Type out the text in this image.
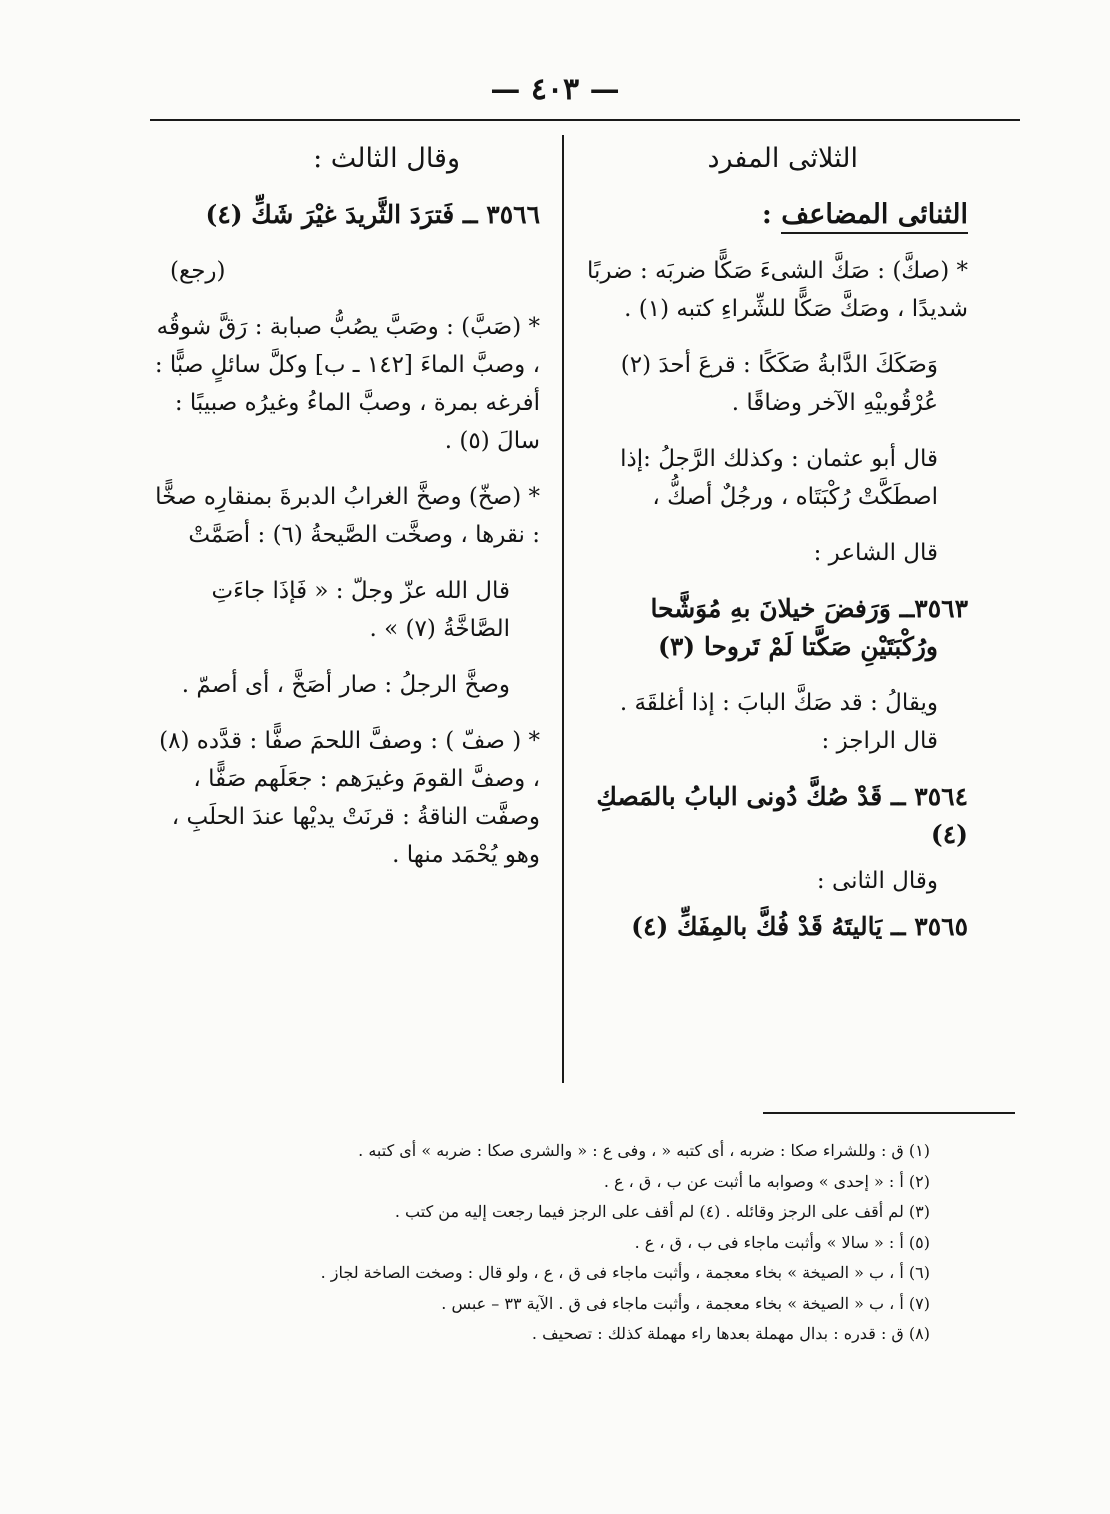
— ٤٠٣ —

الثلاثى المفرد

الثنائى المضاعف :

* (صكَّ) : صَكَّ الشىءَ صَكًّا ضربَه : ضربًا شديدًا ، وصَكَّ صَكًّا للشِّراءِ كتبه (١) .

وَصَكَكَ الدَّابةُ صَكَكًا : قرعَ أحدَ (٢) عُرْقُوبيْهِ الآخر وضاقًا .

قال أبو عثمان : وكذلك الرَّجلُ :إذا اصطَكَّتْ رُكْبَتَاه ، ورجُلٌ أصكُّ ،

قال الشاعر :

٣٥٦٣ــ وَرَفضَ خيلانَ بهِ مُوَشَّحا

ورُكْبَتَيْنِ صَكَّتا لَمْ تَروحا (٣)

ويقالُ : قد صَكَّ البابَ : إذا أغلقَهَ . قال الراجز :

٣٥٦٤ ــ قَدْ صُكَّ دُونى البابُ بالمَصكِ (٤)

وقال الثانى :

٣٥٦٥ ــ يَاليتَهُ قَدْ فُكَّ بالمِفَكِّ (٤)

وقال الثالث :

٣٥٦٦ ــ فَترَدَ الثَّريدَ غيْرَ شَكِّ (٤)

(رجع)

* (صَبَّ) : وصَبَّ يصُبُّ صبابة : رَقَّ شوقُه ، وصبَّ الماءَ [١٤٢ ـ ب] وكلَّ سائلٍ صبًّا : أفرغه بمرة ، وصبَّ الماءُ وغيرُه صبيبًا : سالَ (٥) .

* (صخّ) وصخَّ الغرابُ الدبرةَ بمنقارِه صخًّا : نقرها ، وصخَّت الصَّيحةُ (٦) : أصَمَّتْ

قال الله عزّ وجلّ : « فَإذَا جاءَتِ الصَّاخَّةُ (٧) » .

وصخَّ الرجلُ : صار أصَخَّ ، أى أصمّ .

* ( صفّ ) : وصفَّ اللحمَ صفًّا : قدَّده (٨) ، وصفَّ القومَ وغيرَهم : جعَلَهم صَفًّا ، وصفَّت الناقةُ : قرنَتْ يديْها عندَ الحلَبِ ، وهو يُحْمَد منها .

(١) ق : وللشراء صكا : ضربه ، أى كتبه « ، وفى ع : « والشرى صكا : ضربه » أى كتبه .
(٢) أ : « إحدى » وصوابه ما أثبت عن ب ، ق ، ع .
(٣) لم أقف على الرجز وقائله . (٤) لم أقف على الرجز فيما رجعت إليه من كتب .
(٥) أ : « سالا » وأثبت ماجاء فى ب ، ق ، ع .
(٦) أ ، ب « الصيخة » بخاء معجمة ، وأثبت ماجاء فى ق ، ع ، ولو قال : وصخت الصاخة لجاز .
(٧) أ ، ب « الصيخة » بخاء معجمة ، وأثبت ماجاء فى ق . الآية ٣٣ – عبس .
(٨) ق : قدره : بدال مهملة بعدها راء مهملة كذلك : تصحيف .
